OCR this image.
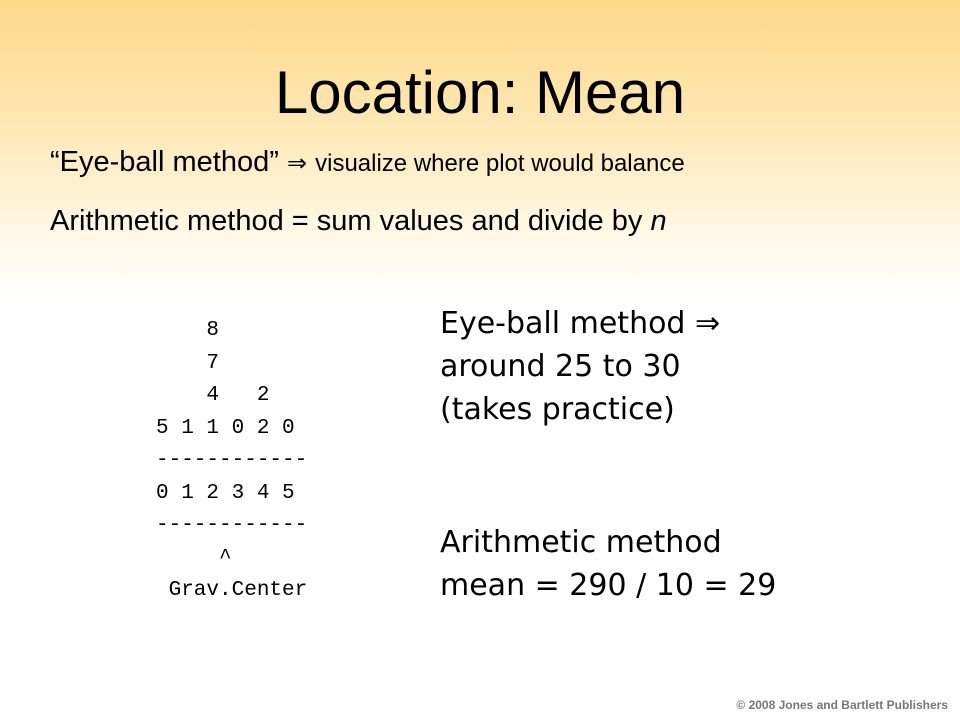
Location: Mean
“Eye-ball method” ⇒ visualize where plot would balance
Arithmetic method = sum values and divide by n
8
7
4   2
5 1 1 0 2 0
------------
0 1 2 3 4 5
------------
^
Grav.Center
Eye-ball method ⇒
around 25 to 30
(takes practice)
Arithmetic method
mean = 290 / 10 = 29
© 2008 Jones and Bartlett Publishers
